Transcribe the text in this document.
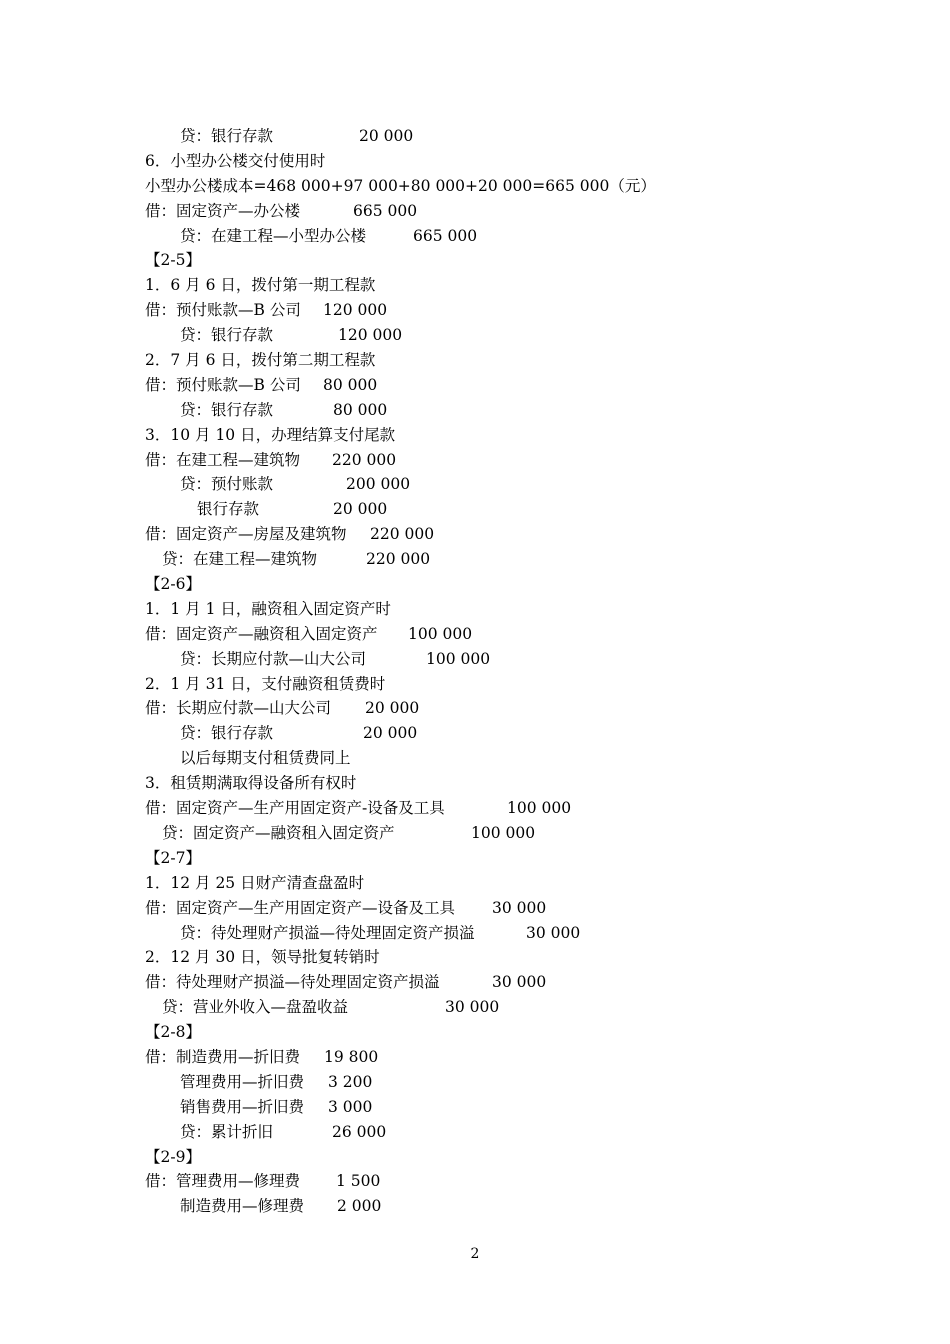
贷：银行存款	20 000
6．小型办公楼交付使用时
小型办公楼成本=468 000+97 000+80 000+20 000=665 000（元）
借：固定资产—办公楼	665 000
贷：在建工程—小型办公楼	665 000
【2-5】
1．6 月 6 日，拨付第一期工程款
借：预付账款—B 公司 120 000
贷：银行存款	120 000
2．7 月 6 日，拨付第二期工程款
借：预付账款—B 公司 80 000
贷：银行存款	80 000
3．10 月 10 日，办理结算支付尾款
借：在建工程—建筑物 220 000
贷：预付账款	200 000
银行存款	20 000
借：固定资产—房屋及建筑物 220 000
贷：在建工程—建筑物	220 000
【2-6】
1．1 月 1 日，融资租入固定资产时
借：固定资产—融资租入固定资产 100 000
贷：长期应付款—山大公司	100 000
2．1 月 31 日，支付融资租赁费时
借：长期应付款—山大公司 20 000
贷：银行存款	20 000
以后每期支付租赁费同上
3．租赁期满取得设备所有权时
借：固定资产—生产用固定资产-设备及工具	100 000
贷：固定资产—融资租入固定资产	100 000
【2-7】
1．12 月 25 日财产清查盘盈时
借：固定资产—生产用固定资产—设备及工具 30 000
贷：待处理财产损溢—待处理固定资产损溢	30 000
2．12 月 30 日，领导批复转销时
借：待处理财产损溢—待处理固定资产损溢	30 000
贷：营业外收入—盘盈收益	30 000
【2-8】
借：制造费用—折旧费 19 800
管理费用—折旧费 3 200
销售费用—折旧费 3 000
贷：累计折旧	26 000
【2-9】
借：管理费用—修理费 1 500
制造费用—修理费 2 000
2
